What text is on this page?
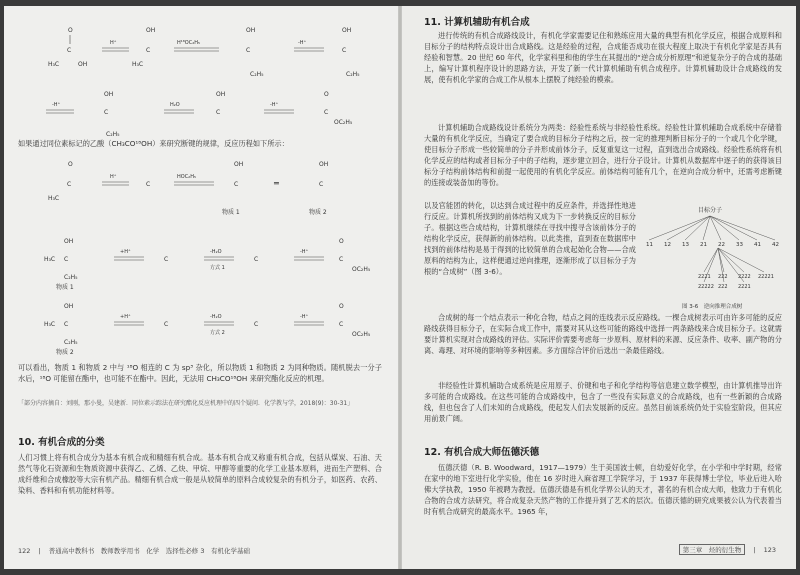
O
C
H₃C	OH
H⁺
OH
C
H₃C
H¹⁸OC₂H₅
OH
C
C₂H₅
-H⁺
OH
C
C₂H₅
-H⁺
OH
C
C₂H₅
H₂O
OH
C
-H⁺
O
C
OC₂H₅
如果通过同位素标记的乙酸（CH₃CO¹⁸OH）来研究断键的规律，反应历程如下所示：
O
C
H₃C
H⁺
C
HOC₂H₅
OH
C
物质 1
═
OH
C
物质 2
OH
C
H₃C
C₂H₅
物质 1
+H⁺
C
-H₂O
方式 1
C
-H⁺
O
C
OC₂H₅
OH
C
H₃C
C₂H₅
物质 2
+H⁺
C
-H₂O
方式 2
C
-H⁺
O
C
OC₂H₅
可以看出，物质 1 和物质 2 中与 ¹⁸O 相连的 C 为 sp³ 杂化，所以物质 1 和物质 2 为同种物质。随机脱去一分子水后，¹⁸O 可能留在酯中，也可能不在酯中。因此，无法用 CH₃CO¹⁸OH 来研究酯化反应的机理。
「部分内容摘自：刘刚，那小曼，吴建新．同位素示踪法在研究酯化反应机理中的四个疑问．化学教与学，2018(9)：30-31」
10. 有机合成的分类
人们习惯上将有机合成分为基本有机合成和精细有机合成。基本有机合成又称重有机合成，包括从煤炭、石油、天然气等化石资源和生物质资源中获得乙、乙烯、乙炔、甲烷、甲醇等重要的化学工业基本原料，进而生产塑料、合成纤维和合成橡胶等大宗有机产品。精细有机合成一般是从较简单的原料合成较复杂的有机分子，如医药、农药、染料、香料和有机功能材料等。
122 | 普通高中教科书　教师教学用书　化学　选择性必修 3　有机化学基础
11. 计算机辅助有机合成
进行传统的有机合成路线设计，有机化学家需要记住和熟练应用大量的典型有机化学反应，根据合成原料和目标分子的结构特点设计出合成路线。这是经验的过程，合成能否成功在很大程度上取决于有机化学家是否具有经验和智慧。20 世纪 60 年代，化学家科里和他的学生在其提出的“逆合成分析原理”和逆复杂分子的合成的基础上，编写计算机程序设计的思路方法，开发了新一代计算机辅助有机合成程序。计算机辅助设计合成路线的发展，使有机化学家的合成工作从根本上摆脱了纯经验的模索。
计算机辅助合成路线设计系统分为两类：经验性系统与非经验性系统。经验性计算机辅助合成系统中存储着大量的有机化学反应，当确定了要合成的目标分子结构之后，按一定的推理判断目标分子的一个或几个化学键，使目标分子形成一些较简单的分子并形成前体分子，反复重复这一过程，直到选出合成路线。经验性系统将有机化学反应的结构或者目标分子中的子结构，逐步建立回合，进行分子设计。计算机从数据库中逐子的的获得该目标分子结构前体结构和前提一起使用的有机化学反应。前体结构可能有几个，在逆向合成分析中，还需考虑断键的连接或装备加的等份。
以及官能团的转化，以达到合成过程中的反应条件，并选择性地进行反应。计算机所找到的前体结构又成为下一步转换反应的目标分子。根据这些合成结构，计算机继续在寻找中搜寻含该前体分子的结构化学反应，获得新的前体结构。以此类推，直到查在数据库中找到的前体结构是易于得到的比较简单的合成起始化合物——合成原料的结构为止，这样便通过逆向推理，逐渐形成了以目标分子为根的“合成树”（图 3-6）。
目标分子
11 12 13 21 22 33 41 42
2221 222 2222 22221
22222 222 2221
图 3-6　逆向推理合成树
合成树的每一个结点表示一种化合物，结点之间的连线表示反应路线。一棵合成树表示可由许多可能的反应路线获得目标分子，在实际合成工作中，需要对其从这些可能的路线中选择一两条路线来合成目标分子。这就需要计算机实现对合成路线的评估。实际评价需要考虑每一步原料、原材料的来源、反应条件、收率、副产物的分离、毒理、对环境的影响等多种因素。多方面综合评价后选出一条最佳路线。
非经验性计算机辅助合成系统是应用原子、价键和电子和化学结构等信息建立数学模型，由计算机推导出许多可能的合成路线。在这些可能的合成路线中，包含了一些没有实际意义的合成路线，也有一些新颖的合成路线，但也包含了人们未知的合成路线，使起发人们去发展新的反应。虽然目前该系统仍处于实验室阶段，但其应用前景广阔。
12. 有机合成大师伍德沃德
伍德沃德（R. B. Woodward，1917—1979）生于美国波士顿，自幼爱好化学，在小学和中学时期，经常在家中的地下室进行化学实验，他在 16 岁时进入麻省理工学院学习，于 1937 年获得博士学位，毕业后进入哈佛大学执教，1950 年被聘为教授。伍德沃德是有机化学界公认的天才，著名的有机合成大师，他致力于有机化合物的合成方法研究，将合成复杂天然产物的工作提升到了艺术的层次。伍德沃德的研究成果被公认为代表着当时有机合成研究的最高水平。1965 年，
第三章　烃的衍生物 | 123
